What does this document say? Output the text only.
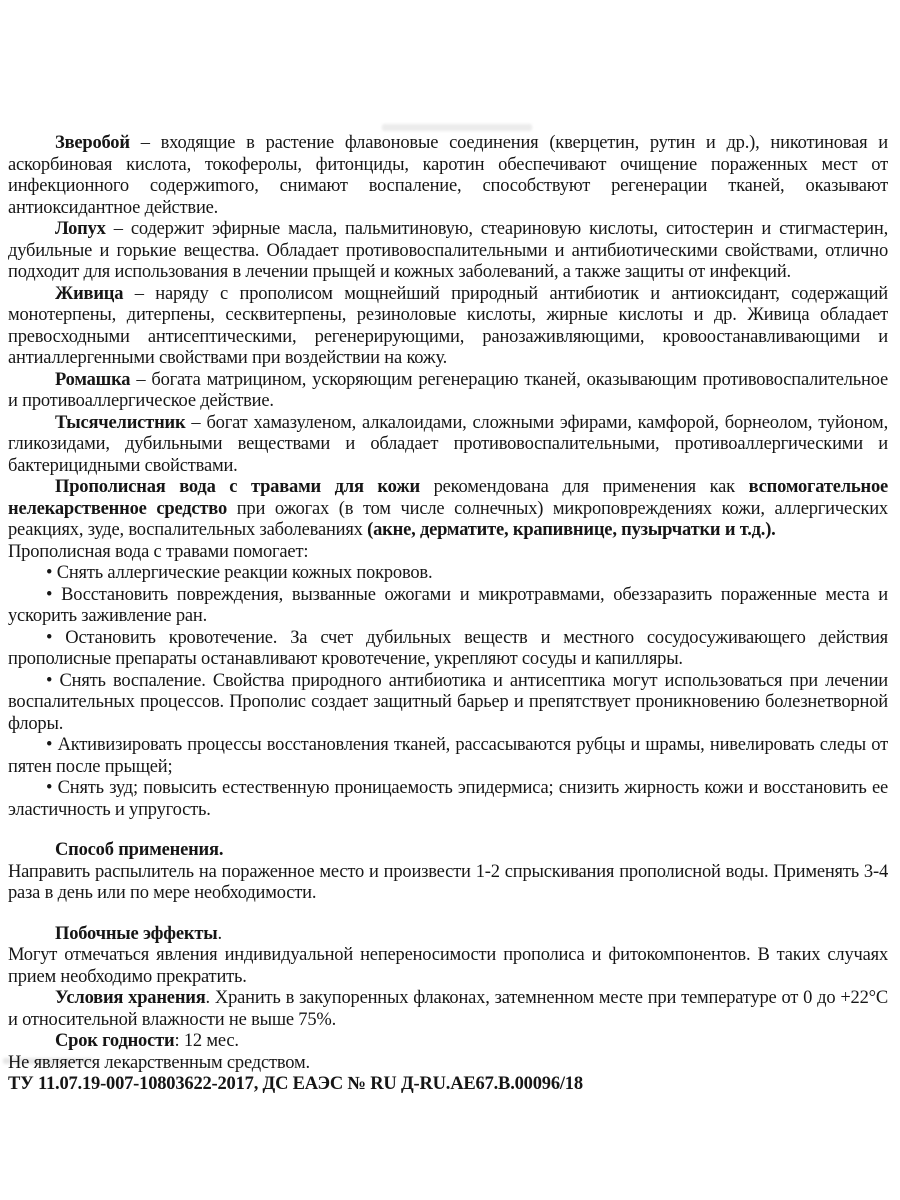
Зверобой – входящие в растение флавоновые соединения (кверцетин, рутин и др.), никотиновая и аскорбиновая кислота, токоферолы, фитонциды, каротин обеспечивают очищение пораженных мест от инфекционного содержиmого, снимают воспаление, способствуют регенерации тканей, оказывают антиоксидантное действие.

Лопух – содержит эфирные масла, пальмитиновую, стеариновую кислоты, ситостерин и стигмастерин, дубильные и горькие вещества. Обладает противовоспалительными и антибиотическими свойствами, отлично подходит для использования в лечении прыщей и кожных заболеваний, а также защиты от инфекций.

Живица – наряду с прополисом мощнейший природный антибиотик и антиоксидант, содержащий монотерпены, дитерпены, сесквитерпены, резиноловые кислоты, жирные кислоты и др. Живица обладает превосходными антисептическими, регенерирующими, ранозаживляющими, кровоостанавливающими и антиаллергенными свойствами при воздействии на кожу.

Ромашка – богата матрицином, ускоряющим регенерацию тканей, оказывающим противовоспалительное и противоаллергическое действие.

Тысячелистник – богат хамазуленом, алкалоидами, сложными эфирами, камфорой, борнеолом, туйоном, гликозидами, дубильными веществами и обладает противовоспалительными, противоаллергическими и бактерицидными свойствами.

Прополисная вода с травами для кожи рекомендована для применения как вспомогательное нелекарственное средство при ожогах (в том числе солнечных) микроповреждениях кожи, аллергических реакциях, зуде, воспалительных заболеваниях (акне, дерматите, крапивнице, пузырчатки и т.д.).

Прополисная вода с травами помогает:

• Снять аллергические реакции кожных покровов.

• Восстановить повреждения, вызванные ожогами и микротравмами, обеззаразить пораженные места и ускорить заживление ран.

• Остановить кровотечение. За счет дубильных веществ и местного сосудосуживающего действия прополисные препараты останавливают кровотечение, укрепляют сосуды и капилляры.

• Снять воспаление. Свойства природного антибиотика и антисептика могут использоваться при лечении воспалительных процессов. Прополис создает защитный барьер и препятствует проникновению болезнетворной флоры.

• Активизировать процессы восстановления тканей, рассасываются рубцы и шрамы, нивелировать следы от пятен после прыщей;

• Снять зуд; повысить естественную проницаемость эпидермиса; снизить жирность кожи и восстановить ее эластичность и упругость.

Способ применения.

Направить распылитель на пораженное место и произвести 1-2 спрыскивания прополисной воды. Применять 3-4 раза в день или по мере необходимости.

Побочные эффекты.

Могут отмечаться явления индивидуальной непереносимости прополиса и фитокомпонентов. В таких случаях прием необходимо прекратить.

Условия хранения. Хранить в закупоренных флаконах, затемненном месте при температуре от 0 до +22°С и относительной влажности не выше 75%.

Срок годности: 12 мес.

Не является лекарственным средством.

ТУ 11.07.19-007-10803622-2017, ДС ЕАЭС № RU Д-RU.АЕ67.В.00096/18
